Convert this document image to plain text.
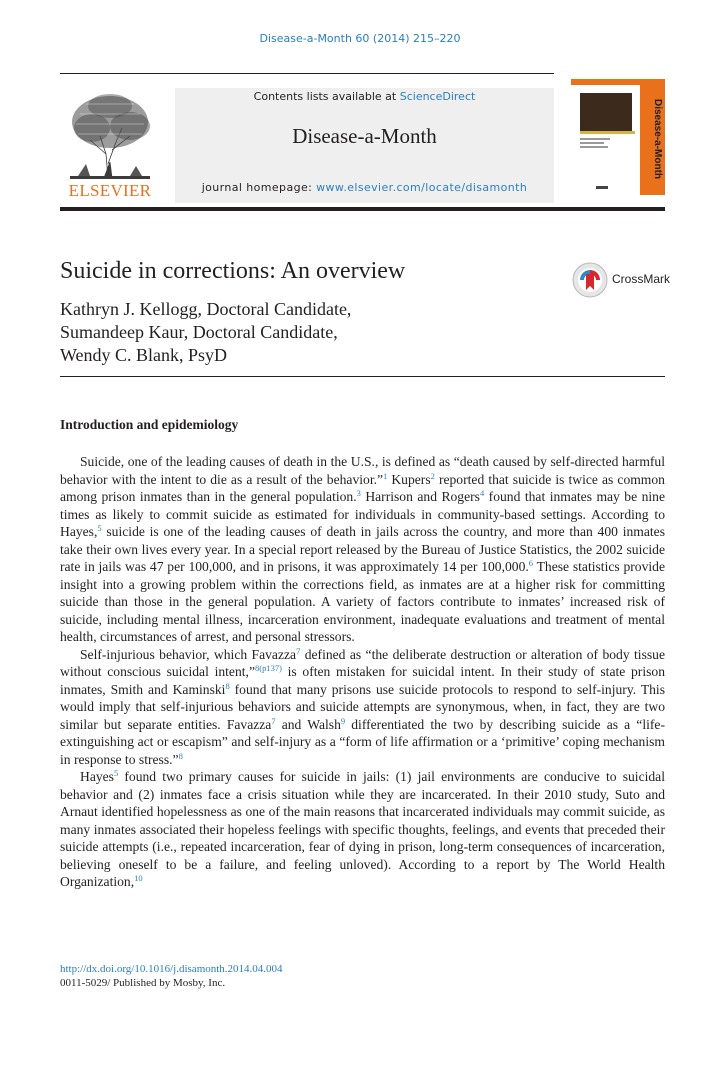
Disease-a-Month 60 (2014) 215–220
ELSEVIER
Contents lists available at ScienceDirect
Disease-a-Month
journal homepage: www.elsevier.com/locate/disamonth
Disease-a-Month
Suicide in corrections: An overview	CrossMark
Kathryn J. Kellogg, Doctoral Candidate,
Sumandeep Kaur, Doctoral Candidate,
Wendy C. Blank, PsyD
Introduction and epidemiology

Suicide, one of the leading causes of death in the U.S., is defined as “death caused by self-directed harmful behavior with the intent to die as a result of the behavior.”$^1$ Kupers$^2$ reported that suicide is twice as common among prison inmates than in the general population.$^3$ Harrison and Rogers$^4$ found that inmates may be nine times as likely to commit suicide as estimated for individuals in community-based settings. According to Hayes,$^5$ suicide is one of the leading causes of death in jails across the country, and more than 400 inmates take their own lives every year. In a special report released by the Bureau of Justice Statistics, the 2002 suicide rate in jails was 47 per 100,000, and in prisons, it was approximately 14 per 100,000.$^6$ These statistics provide insight into a growing problem within the corrections field, as inmates are at a higher risk for committing suicide than those in the general population. A variety of factors contribute to inmates’ increased risk of suicide, including mental illness, incarceration environment, inadequate evaluations and treatment of mental health, circumstances of arrest, and personal stressors.

Self-injurious behavior, which Favazza$^7$ defined as “the deliberate destruction or alteration of body tissue without conscious suicidal intent,”$^{8(p137)}$ is often mistaken for suicidal intent. In their study of state prison inmates, Smith and Kaminski$^8$ found that many prisons use suicide protocols to respond to self-injury. This would imply that self-injurious behaviors and suicide attempts are synonymous, when, in fact, they are two similar but separate entities. Favazza$^7$ and Walsh$^9$ differentiated the two by describing suicide as a “life-extinguishing act or escapism” and self-injury as a “form of life affirmation or a ‘primitive’ coping mechanism in response to stress.”$^8$

Hayes$^5$ found two primary causes for suicide in jails: (1) jail environments are conducive to suicidal behavior and (2) inmates face a crisis situation while they are incarcerated. In their 2010 study, Suto and Arnaut identified hopelessness as one of the main reasons that incarcerated individuals may commit suicide, as many inmates associated their hopeless feelings with specific thoughts, feelings, and events that preceded their suicide attempts (i.e., repeated incarceration, fear of dying in prison, long-term consequences of incarceration, believing oneself to be a failure, and feeling unloved). According to a report by The World Health Organization,$^{10}$

http://dx.doi.org/10.1016/j.disamonth.2014.04.004
0011-5029/ Published by Mosby, Inc.
